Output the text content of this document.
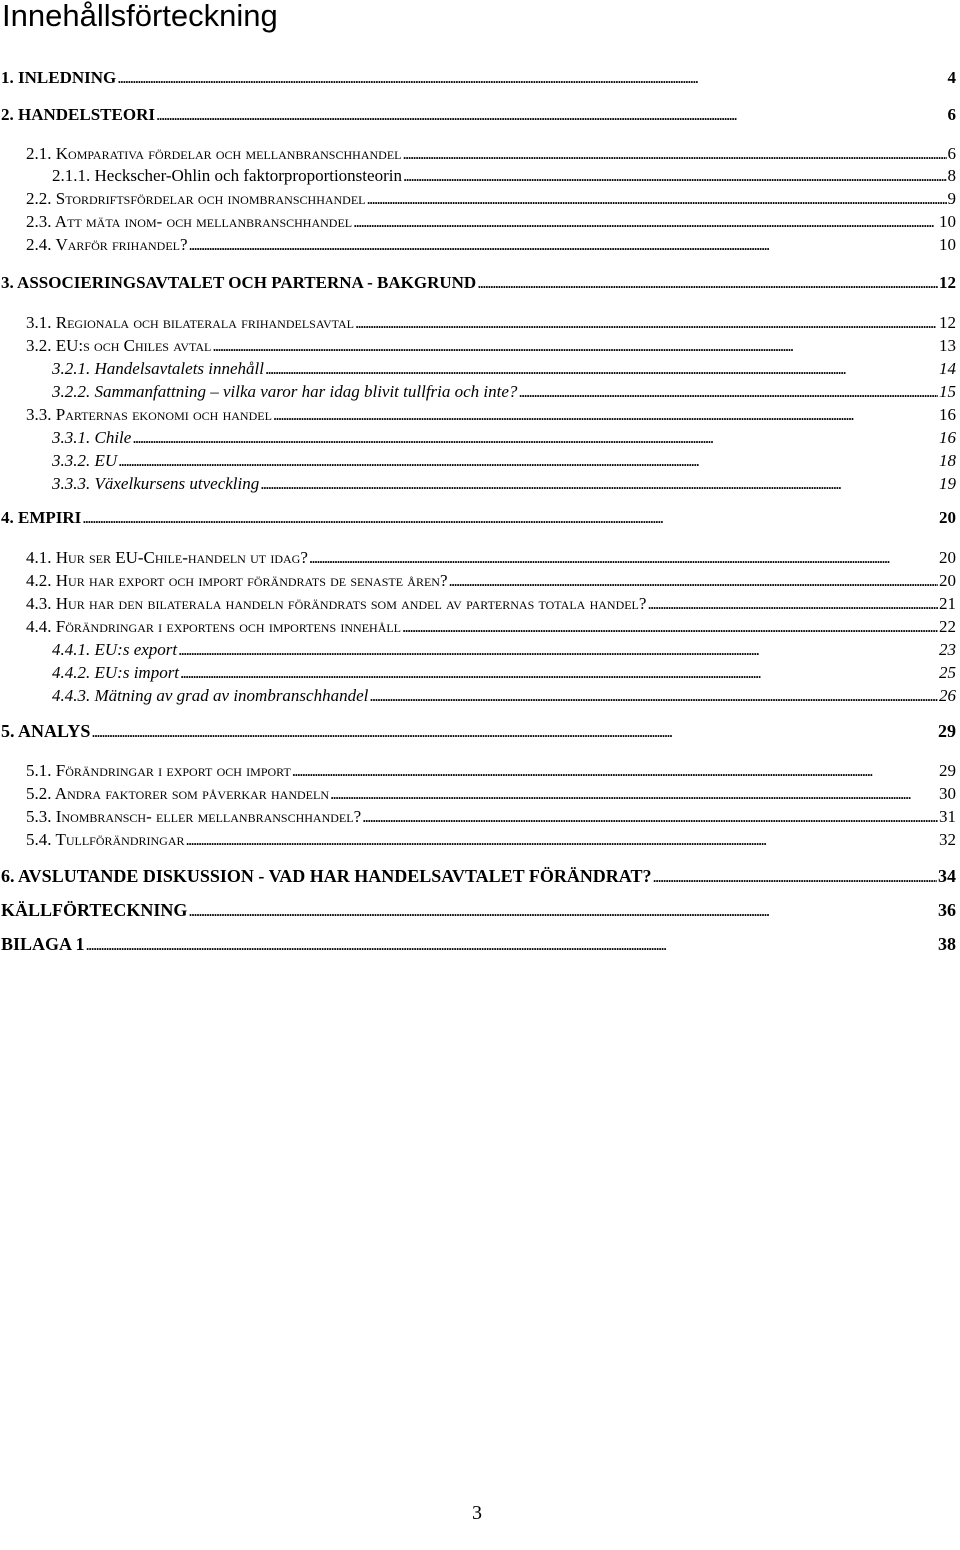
Innehållsförteckning
1. INLEDNING . . .	4
2. HANDELSTEORI . . .	6
2.1. Komparativa fördelar och mellanbranschhandel . . .	6
2.1.1. Heckscher-Ohlin och faktorproportionsteorin . . .	8
2.2. Stordriftsfördelar och inombranschhandel . . .	9
2.3. Att mäta inom- och mellanbranschhandel . . .	10
2.4. Varför frihandel? . . .	10
3. ASSOCIERINGSAVTALET OCH PARTERNA - BAKGRUND . . .	12
3.1. Regionala och bilaterala frihandelsavtal . . .	12
3.2. EU:s och Chiles avtal . . .	13
3.2.1. Handelsavtalets innehåll . . .	14
3.2.2. Sammanfattning – vilka varor har idag blivit tullfria och inte? . . .	15
3.3. Parternas ekonomi och handel . . .	16
3.3.1. Chile . . .	16
3.3.2. EU . . .	18
3.3.3. Växelkursens utveckling . . .	19
4. EMPIRI . . .	20
4.1. Hur ser EU-Chile-handeln ut idag? . . .	20
4.2. Hur har export och import förändrats de senaste åren? . . .	20
4.3. Hur har den bilaterala handeln förändrats som andel av parternas totala handel? . . .	21
4.4. Förändringar i exportens och importens innehåll . . .	22
4.4.1. EU:s export . . .	23
4.4.2. EU:s import . . .	25
4.4.3. Mätning av grad av inombranschhandel . . .	26
5. ANALYS . . .	29
5.1. Förändringar i export och import . . .	29
5.2. Andra faktorer som påverkar handeln . . .	30
5.3. Inombransch- eller mellanbranschhandel? . . .	31
5.4. Tullförändringar . . .	32
6. AVSLUTANDE DISKUSSION - VAD HAR HANDELSAVTALET FÖRÄNDRAT? . . .	34
KÄLLFÖRTECKNING . . .	36
BILAGA 1 . . .	38
3
